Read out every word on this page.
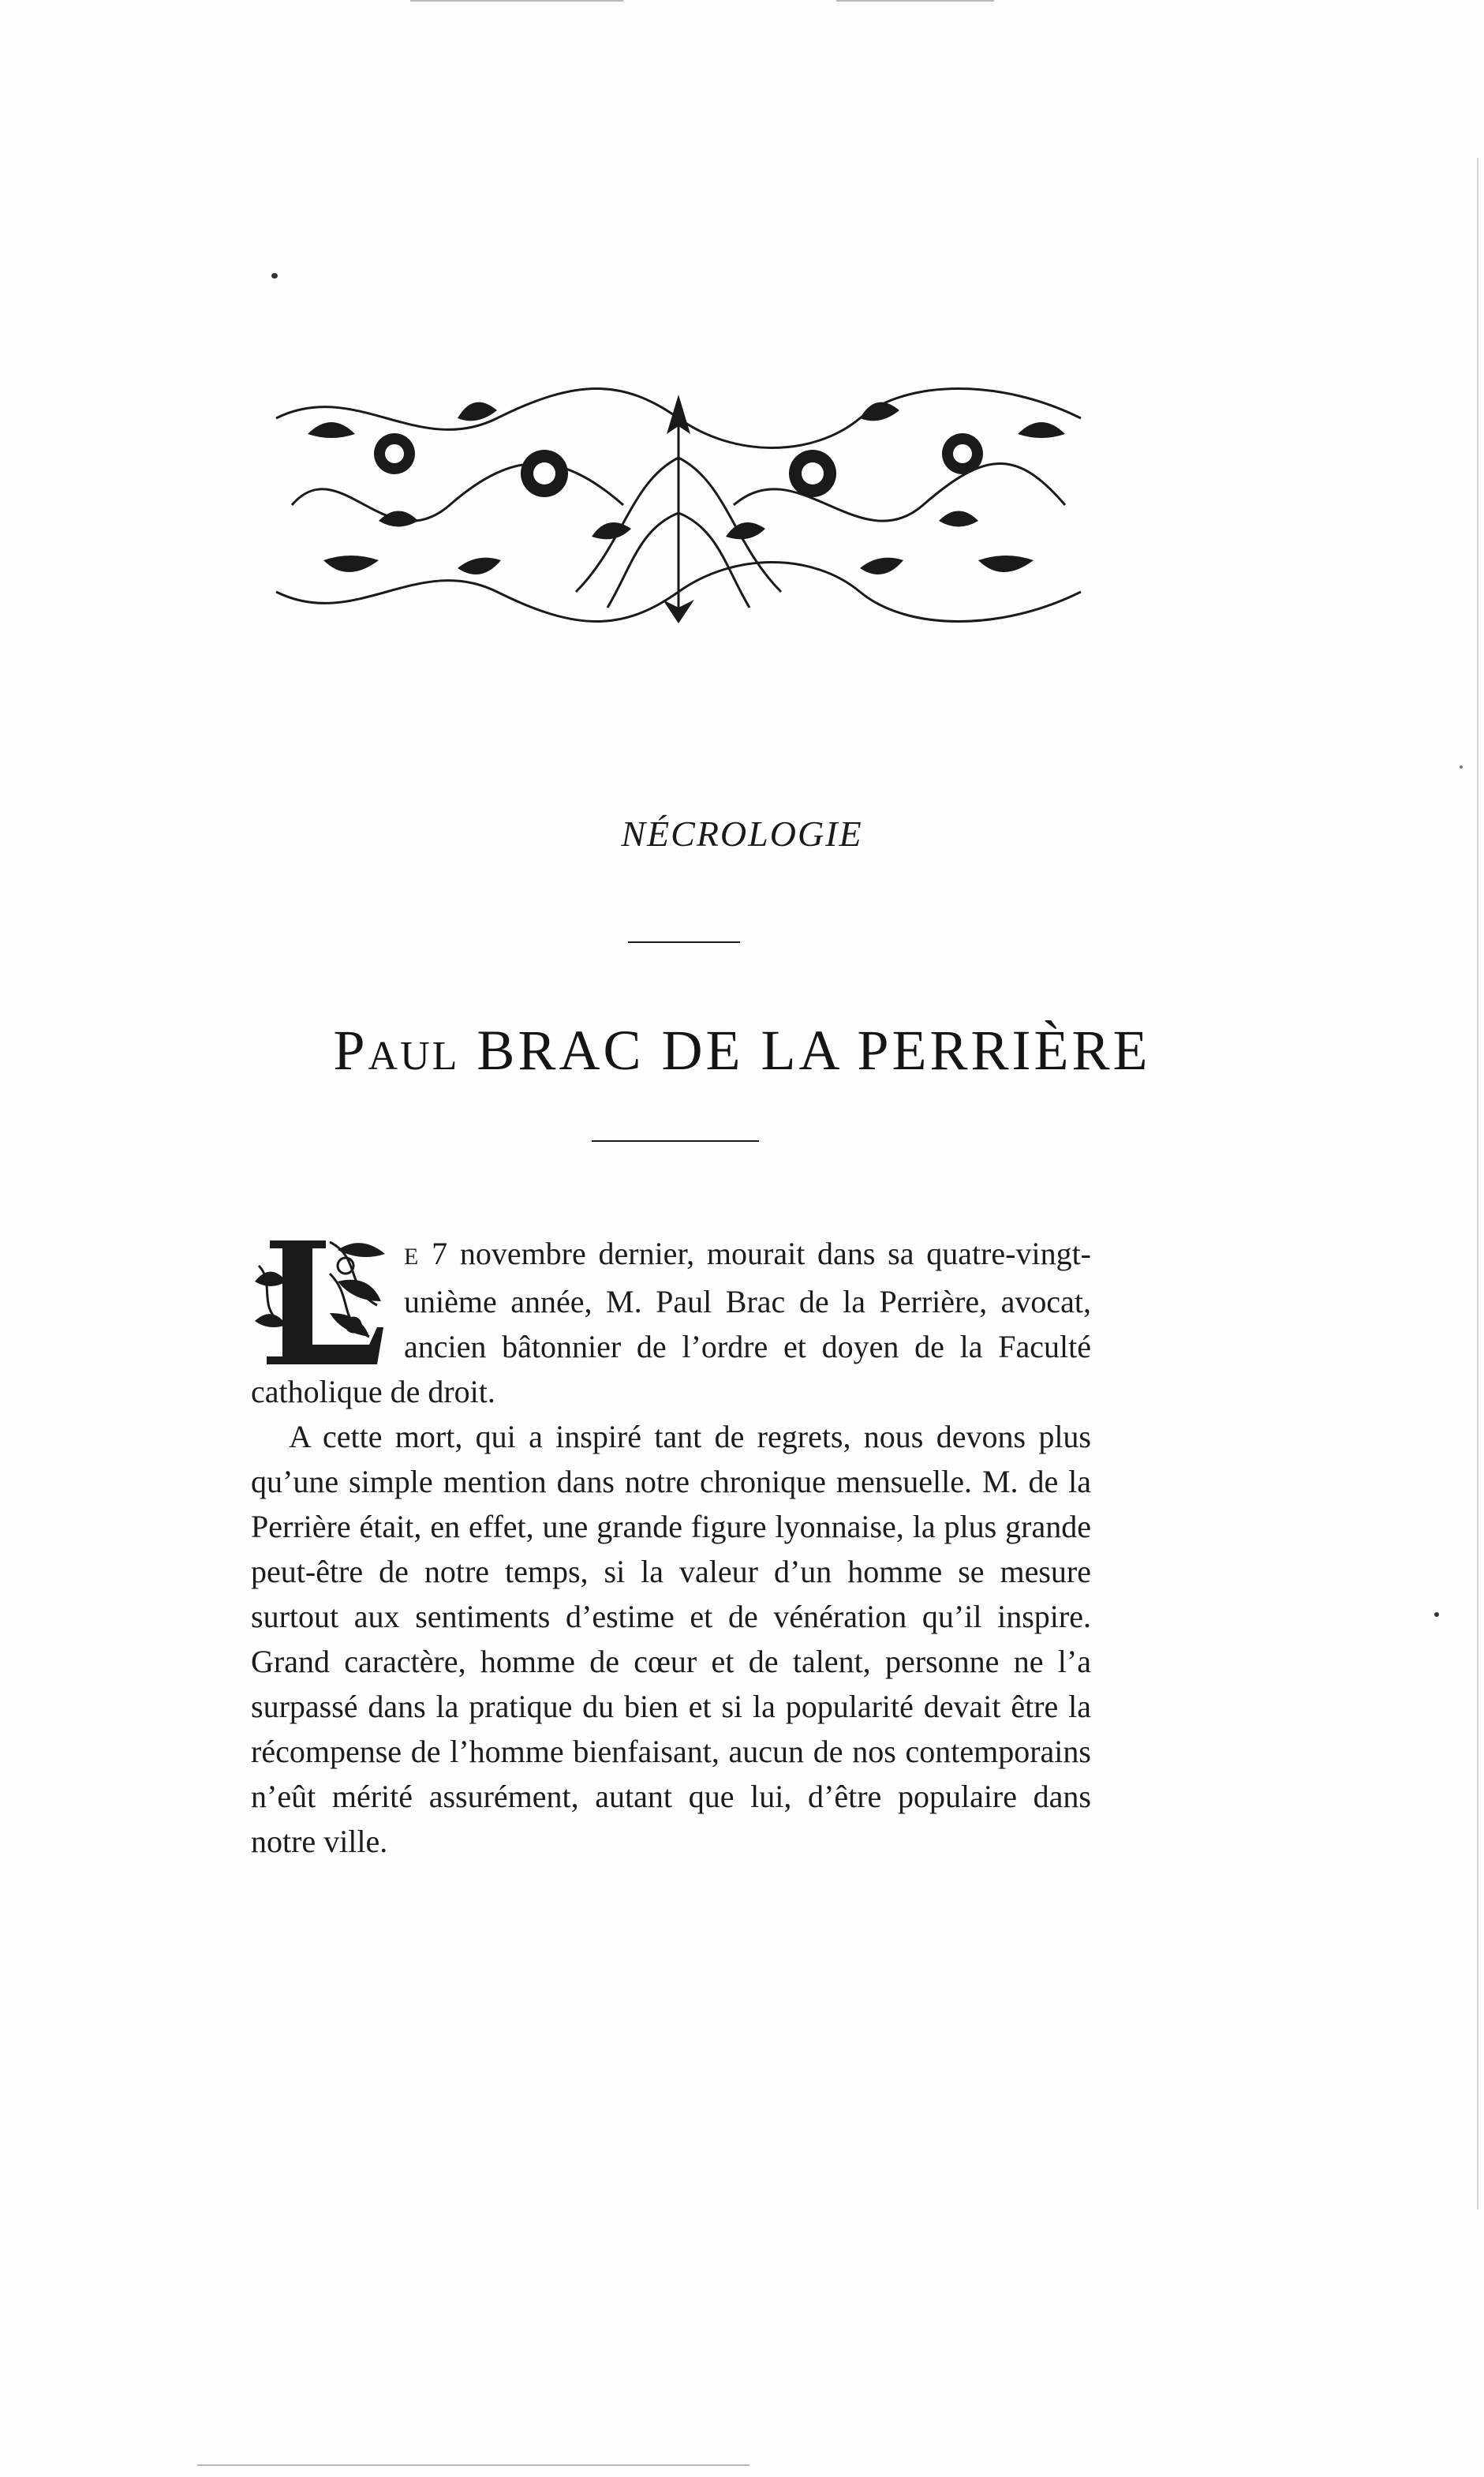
NÉCROLOGIE
PAUL BRAC DE LA PERRIÈRE

E 7 novembre dernier, mourait dans sa quatre-vingt-unième année, M. Paul Brac de la Perrière, avocat, ancien bâtonnier de l’ordre et doyen de la Faculté catholique de droit.

A cette mort, qui a inspiré tant de regrets, nous devons plus qu’une simple mention dans notre chronique mensuelle. M. de la Perrière était, en effet, une grande figure lyonnaise, la plus grande peut-être de notre temps, si la valeur d’un homme se mesure surtout aux sentiments d’estime et de vénération qu’il inspire. Grand caractère, homme de cœur et de talent, personne ne l’a surpassé dans la pratique du bien et si la popularité devait être la récompense de l’homme bienfaisant, aucun de nos contemporains n’eût mérité assurément, autant que lui, d’être populaire dans notre ville.
